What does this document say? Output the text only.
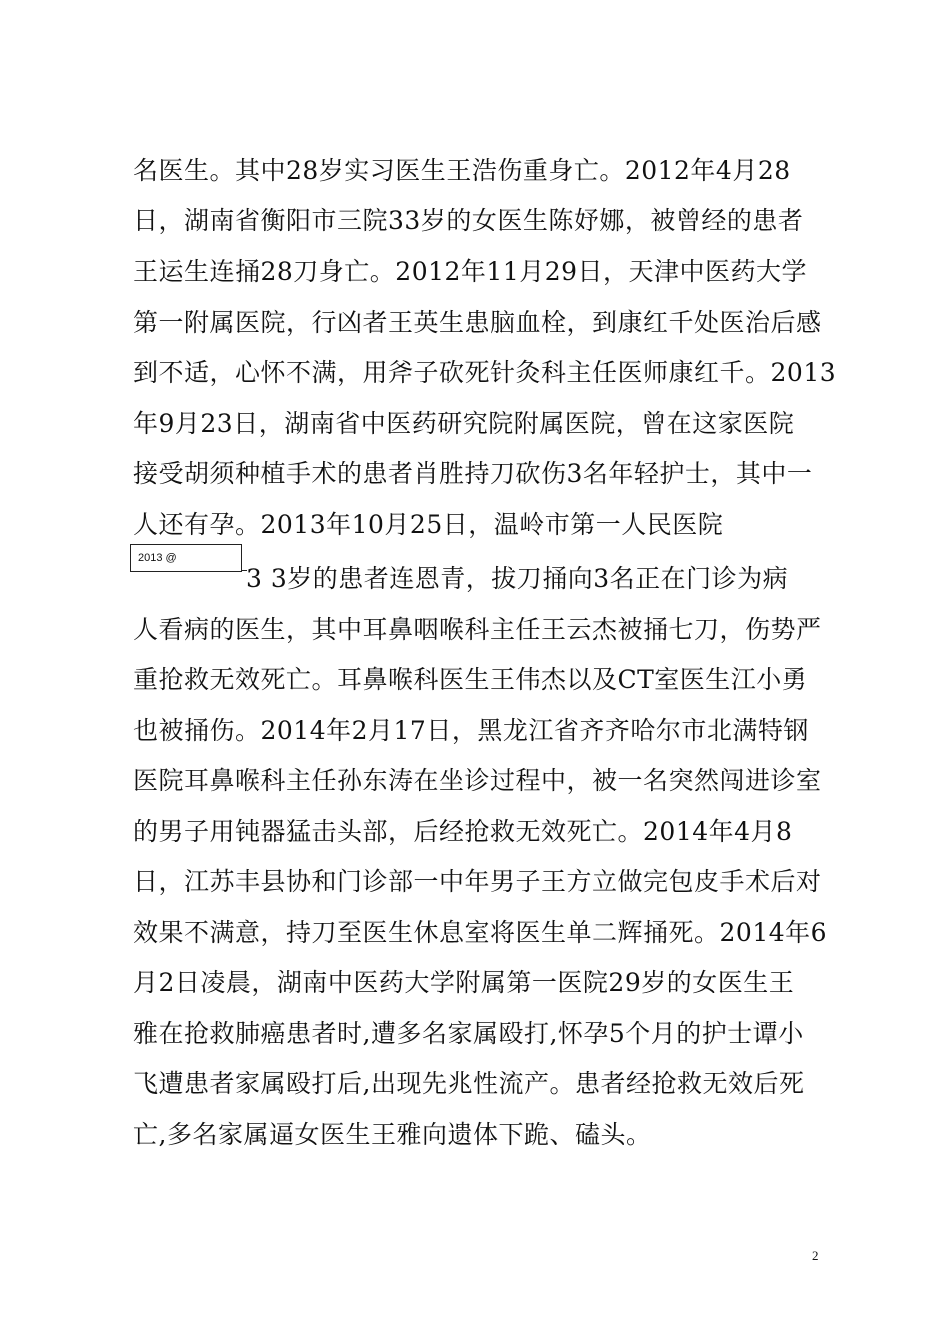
名医生。其中28岁实习医生王浩伤重身亡。2012年4月28
日，湖南省衡阳市三院33岁的女医生陈妤娜，被曾经的患者
王运生连捅28刀身亡。2012年11月29日，天津中医药大学
第一附属医院，行凶者王英生患脑血栓，到康红千处医治后感
到不适，心怀不满，用斧子砍死针灸科主任医师康红千。2013
年9月23日，湖南省中医药研究院附属医院，曾在这家医院
接受胡须种植手术的患者肖胜持刀砍伤3名年轻护士，其中一
人还有孕。2013年10月25日，温岭市第一人民医院
2013 @
3 3岁的患者连恩青，拔刀捅向3名正在门诊为病
人看病的医生，其中耳鼻咽喉科主任王云杰被捅七刀，伤势严
重抢救无效死亡。耳鼻喉科医生王伟杰以及CT室医生江小勇
也被捅伤。2014年2月17日，黑龙江省齐齐哈尔市北满特钢
医院耳鼻喉科主任孙东涛在坐诊过程中，被一名突然闯进诊室
的男子用钝器猛击头部，后经抢救无效死亡。2014年4月8
日，江苏丰县协和门诊部一中年男子王方立做完包皮手术后对
效果不满意，持刀至医生休息室将医生单二辉捅死。2014年6
月2日凌晨，湖南中医药大学附属第一医院29岁的女医生王
雅在抢救肺癌患者时,遭多名家属殴打,怀孕5个月的护士谭小
飞遭患者家属殴打后,出现先兆性流产。患者经抢救无效后死
亡,多名家属逼女医生王雅向遗体下跪、磕头。
2
